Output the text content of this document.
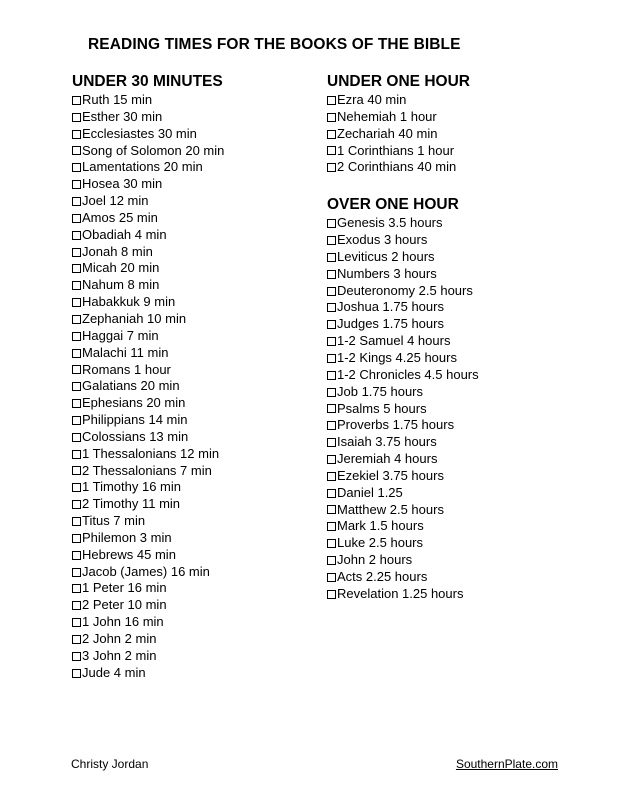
READING TIMES FOR THE BOOKS OF THE BIBLE
UNDER 30 MINUTES
Ruth 15 min
Esther 30 min
Ecclesiastes 30 min
Song of Solomon 20 min
Lamentations 20 min
Hosea 30 min
Joel 12 min
Amos 25 min
Obadiah 4 min
Jonah 8 min
Micah 20 min
Nahum 8 min
Habakkuk 9 min
Zephaniah 10 min
Haggai 7 min
Malachi 11 min
Romans 1 hour
Galatians 20 min
Ephesians 20 min
Philippians 14 min
Colossians 13 min
1 Thessalonians 12 min
2 Thessalonians 7 min
1 Timothy 16 min
2 Timothy 11 min
Titus 7 min
Philemon 3 min
Hebrews 45 min
Jacob (James) 16 min
1 Peter 16 min
2 Peter 10 min
1 John 16 min
2 John 2 min
3 John 2 min
Jude 4 min
UNDER ONE HOUR
Ezra 40 min
Nehemiah 1 hour
Zechariah 40 min
1 Corinthians 1 hour
2 Corinthians 40 min
OVER ONE HOUR
Genesis 3.5 hours
Exodus 3 hours
Leviticus 2 hours
Numbers 3 hours
Deuteronomy 2.5 hours
Joshua 1.75 hours
Judges 1.75 hours
1-2 Samuel 4 hours
1-2 Kings 4.25 hours
1-2 Chronicles 4.5 hours
Job 1.75 hours
Psalms 5 hours
Proverbs 1.75 hours
Isaiah 3.75 hours
Jeremiah 4 hours
Ezekiel 3.75 hours
Daniel 1.25
Matthew 2.5 hours
Mark 1.5 hours
Luke 2.5 hours
John 2 hours
Acts 2.25 hours
Revelation 1.25 hours
Christy Jordan	SouthernPlate.com
